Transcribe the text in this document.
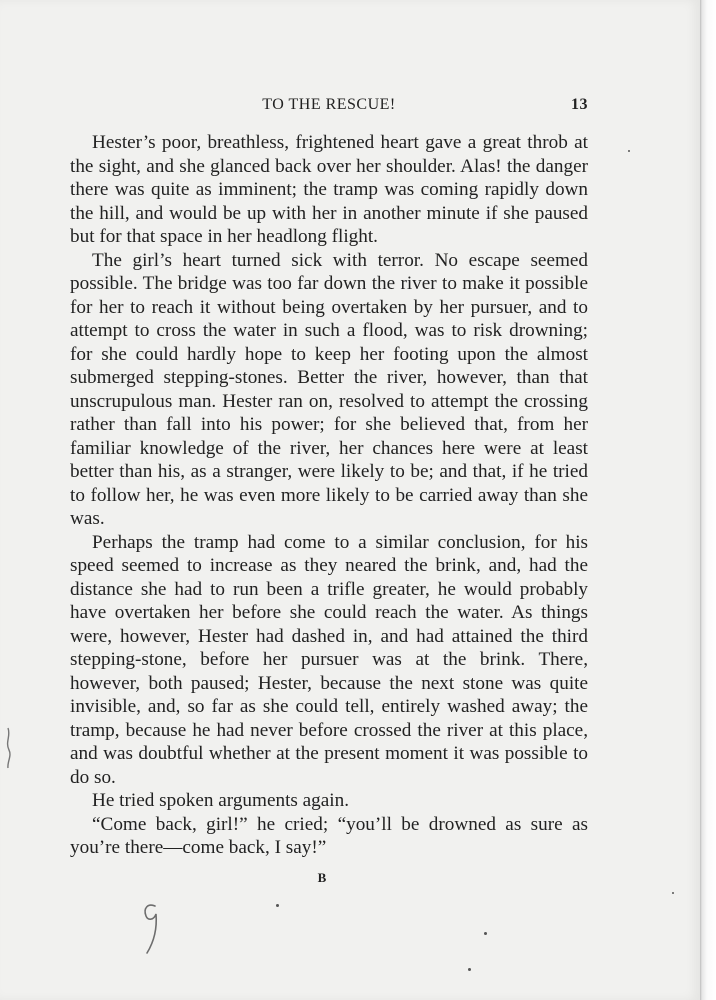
TO THE RESCUE!	13

Hester’s poor, breathless, frightened heart gave a great throb at the sight, and she glanced back over her shoulder. Alas! the danger there was quite as imminent; the tramp was coming rapidly down the hill, and would be up with her in another minute if she paused but for that space in her headlong flight.

The girl’s heart turned sick with terror. No escape seemed possible. The bridge was too far down the river to make it possible for her to reach it without being overtaken by her pursuer, and to attempt to cross the water in such a flood, was to risk drowning; for she could hardly hope to keep her footing upon the almost submerged stepping-stones. Better the river, however, than that unscrupulous man. Hester ran on, resolved to attempt the crossing rather than fall into his power; for she believed that, from her familiar knowledge of the river, her chances here were at least better than his, as a stranger, were likely to be; and that, if he tried to follow her, he was even more likely to be carried away than she was.

Perhaps the tramp had come to a similar conclusion, for his speed seemed to increase as they neared the brink, and, had the distance she had to run been a trifle greater, he would probably have overtaken her before she could reach the water. As things were, however, Hester had dashed in, and had attained the third stepping-stone, before her pursuer was at the brink. There, however, both paused; Hester, because the next stone was quite invisible, and, so far as she could tell, entirely washed away; the tramp, because he had never before crossed the river at this place, and was doubtful whether at the present moment it was possible to do so.

He tried spoken arguments again.

“Come back, girl!” he cried; “you’ll be drowned as sure as you’re there—come back, I say!”

B
